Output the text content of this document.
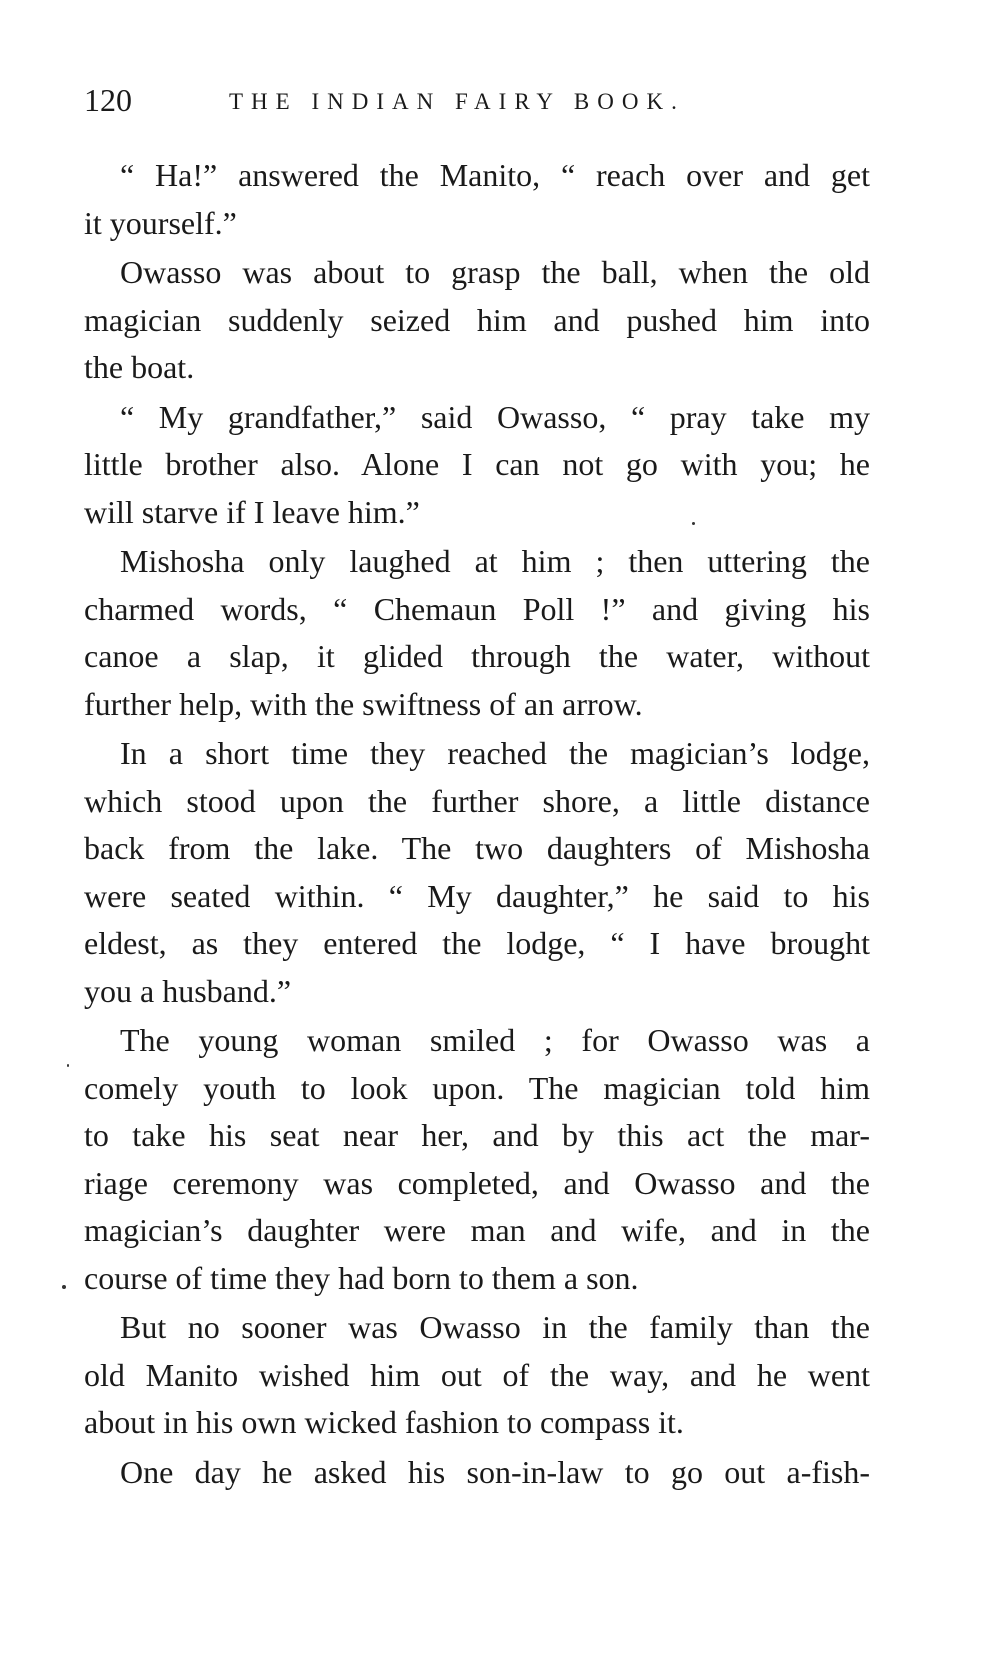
120	THE INDIAN FAIRY BOOK.
“ Ha!” answered the Manito, “ reach over and get
it yourself.”
Owasso was about to grasp the ball, when the old
magician suddenly seized him and pushed him into
the boat.
“ My grandfather,” said Owasso, “ pray take my
little brother also. Alone I can not go with you; he
will starve if I leave him.”
Mishosha only laughed at him ; then uttering the
charmed words, “ Chemaun Poll !” and giving his
canoe a slap, it glided through the water, without
further help, with the swiftness of an arrow.
In a short time they reached the magician’s lodge,
which stood upon the further shore, a little distance
back from the lake. The two daughters of Mishosha
were seated within. “ My daughter,” he said to his
eldest, as they entered the lodge, “ I have brought
you a husband.”
The young woman smiled ; for Owasso was a
comely youth to look upon. The magician told him
to take his seat near her, and by this act the mar-
riage ceremony was completed, and Owasso and the
magician’s daughter were man and wife, and in the
course of time they had born to them a son.
But no sooner was Owasso in the family than the
old Manito wished him out of the way, and he went
about in his own wicked fashion to compass it.
One day he asked his son-in-law to go out a-fish-
